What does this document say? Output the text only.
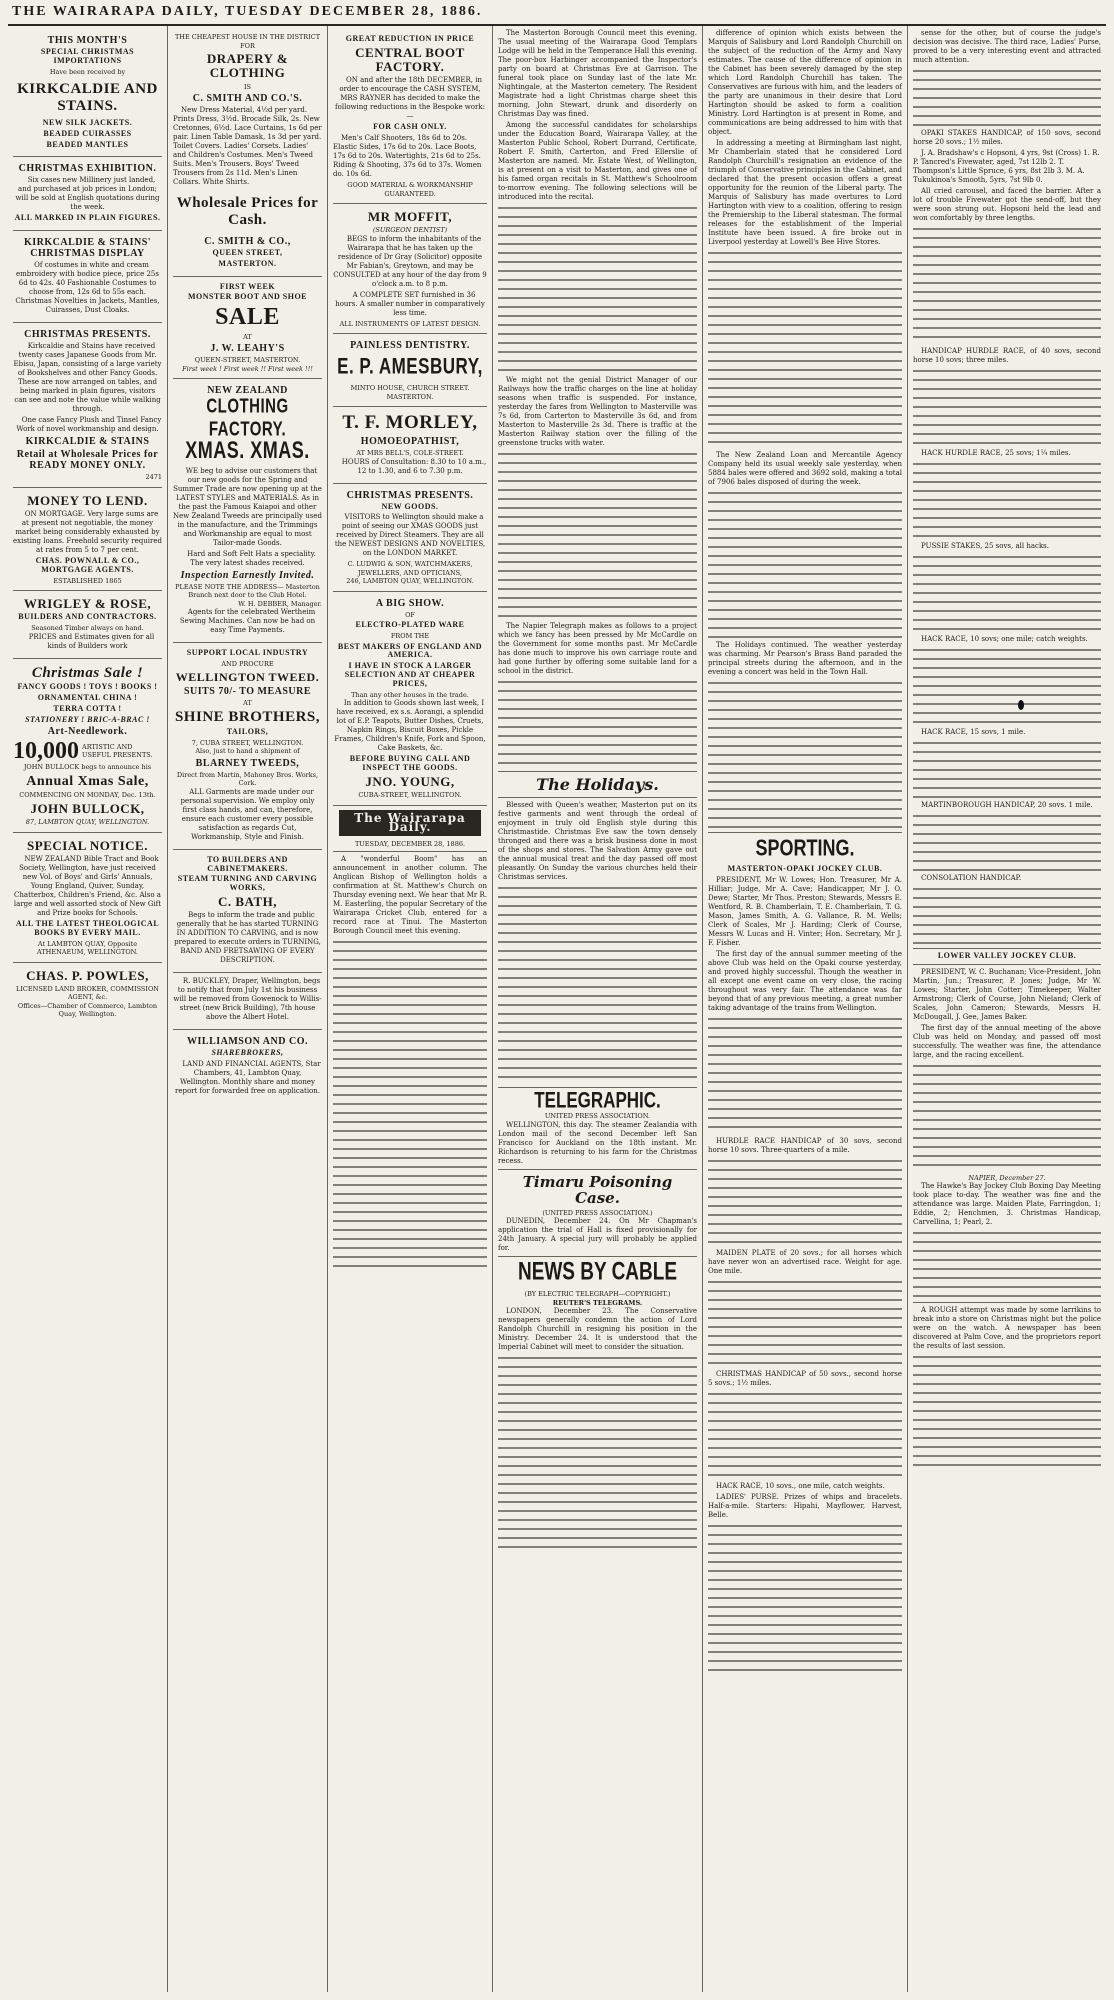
THE WAIRARAPA DAILY, TUESDAY DECEMBER 28, 1886.
THIS MONTH'S
SPECIAL CHRISTMAS IMPORTATIONS
Have been received by
KIRKCALDIE AND STAINS.
NEW SILK JACKETS.
BEADED CUIRASSES
BEADED MANTLES
CHRISTMAS EXHIBITION.

Six cases new Millinery just landed, and purchased at job prices in London; will be sold at English quotations during the week.

ALL MARKED IN PLAIN FIGURES.
KIRKCALDIE & STAINS' CHRISTMAS DISPLAY

Of costumes in white and cream embroidery with bodice piece, price 25s 6d to 42s. 40 Fashionable Costumes to choose from, 12s 6d to 55s each. Christmas Novelties in Jackets, Mantles, Cuirasses, Dust Cloaks.

CHRISTMAS PRESENTS.

Kirkcaldie and Stains have received twenty cases Japanese Goods from Mr. Ebisu, Japan, consisting of a large variety of Bookshelves and other Fancy Goods. These are now arranged on tables, and being marked in plain figures, visitors can see and note the value while walking through.

One case Fancy Plush and Tinsel Fancy Work of novel workmanship and design.

KIRKCALDIE & STAINS
Retail at Wholesale Prices for READY MONEY ONLY.
2471
MONEY TO LEND.

ON MORTGAGE. Very large sums are at present not negotiable, the money market being considerably exhausted by existing loans. Freehold security required at rates from 5 to 7 per cent.

CHAS. POWNALL & CO., MORTGAGE AGENTS.
ESTABLISHED 1865
WRIGLEY & ROSE,
BUILDERS AND CONTRACTORS.
Seasoned Timber always on hand.

PRICES and Estimates given for all kinds of Builders work

Christmas Sale !
FANCY GOODS ! TOYS ! BOOKS !
ORNAMENTAL CHINA !
TERRA COTTA !
STATIONERY ! BRIC-A-BRAC !
Art-Needlework.
10,000 ARTISTIC AND USEFUL PRESENTS.
JOHN BULLOCK begs to announce his
Annual Xmas Sale,
COMMENCING ON MONDAY, Dec. 13th.
JOHN BULLOCK,
87, LAMBTON QUAY, WELLINGTON.
SPECIAL NOTICE.

NEW ZEALAND Bible Tract and Book Society, Wellington, have just received new Vol. of Boys' and Girls' Annuals, Young England, Quiver, Sunday, Chatterbox, Children's Friend, &c. Also a large and well assorted stock of New Gift and Prize books for Schools.

ALL THE LATEST THEOLOGICAL BOOKS BY EVERY MAIL.
At LAMBTON QUAY, Opposite ATHENAEUM, WELLINGTON.
CHAS. P. POWLES,
LICENSED LAND BROKER, COMMISSION AGENT, &c.
Offices—Chamber of Commerce, Lambton Quay, Wellington.
THE CHEAPEST HOUSE IN THE DISTRICT FOR
DRAPERY & CLOTHING
IS
C. SMITH AND CO.'S.

New Dress Material, 4½d per yard. Prints Dress, 3½d. Brocade Silk, 2s. New Cretonnes, 6½d. Lace Curtains, 1s 6d per pair. Linen Table Damask, 1s 3d per yard. Toilet Covers. Ladies' Corsets. Ladies' and Children's Costumes. Men's Tweed Suits. Men's Trousers. Boys' Tweed Trousers from 2s 11d. Men's Linen Collars. White Shirts.

Wholesale Prices for Cash.
C. SMITH & CO.,
QUEEN STREET,
MASTERTON.
FIRST WEEK
MONSTER BOOT AND SHOE
SALE
AT
J. W. LEAHY'S
QUEEN-STREET, MASTERTON.
First week ! First week !! First week !!!
NEW ZEALAND
CLOTHING FACTORY.
XMAS. XMAS.

WE beg to advise our customers that our new goods for the Spring and Summer Trade are now opening up at the LATEST STYLES and MATERIALS. As in the past the Famous Kaiapoi and other New Zealand Tweeds are principally used in the manufacture, and the Trimmings and Workmanship are equal to most Tailor-made Goods.

Hard and Soft Felt Hats a speciality. The very latest shades received.

Inspection Earnestly Invited.
PLEASE NOTE THE ADDRESS— Masterton Branch next door to the Club Hotel.
W. H. DEBBER, Manager.

Agents for the celebrated Wertheim Sewing Machines. Can now be had on easy Time Payments.

SUPPORT LOCAL INDUSTRY
AND PROCURE
WELLINGTON TWEED.
SUITS 70/- TO MEASURE
AT
SHINE BROTHERS,
TAILORS,
7, CUBA STREET, WELLINGTON.
Also, just to hand a shipment of
BLARNEY TWEEDS,
Direct from Martin, Mahoney Bros. Works, Cork.

ALL Garments are made under our personal supervision. We employ only first class hands, and can, therefore, ensure each customer every possible satisfaction as regards Cut, Workmanship, Style and Finish.

TO BUILDERS AND CABINETMAKERS.
STEAM TURNING AND CARVING WORKS,
C. BATH,

Begs to inform the trade and public generally that he has started TURNING IN ADDITION TO CARVING, and is now prepared to execute orders in TURNING, BAND AND FRETSAWING OF EVERY DESCRIPTION.

R. BUCKLEY, Draper, Wellington, begs to notify that from July 1st his business will be removed from Gowenock to Willis-street (new Brick Building), 7th house above the Albert Hotel.

WILLIAMSON AND CO.
SHAREBROKERS,

LAND AND FINANCIAL AGENTS, Star Chambers, 41, Lambton Quay, Wellington. Monthly share and money report for forwarded free on application.

GREAT REDUCTION IN PRICE
CENTRAL BOOT FACTORY.

ON and after the 18th DECEMBER, in order to encourage the CASH SYSTEM, MRS RAYNER has decided to make the following reductions in the Bespoke work:—

FOR CASH ONLY.

Men's Calf Shooters, 18s 6d to 20s. Elastic Sides, 17s 6d to 20s. Lace Boots, 17s 6d to 20s. Watertights, 21s 6d to 25s. Riding & Shooting, 37s 6d to 37s. Women do. 10s 6d.

GOOD MATERIAL & WORKMANSHIP GUARANTEED.
MR MOFFIT,
(SURGEON DENTIST)

BEGS to inform the inhabitants of the Wairarapa that he has taken up the residence of Dr Gray (Solicitor) opposite Mr Fabian's, Greytown, and may be CONSULTED at any hour of the day from 9 o'clock a.m. to 8 p.m.

A COMPLETE SET furnished in 36 hours. A smaller number in comparatively less time.

ALL INSTRUMENTS OF LATEST DESIGN.
PAINLESS DENTISTRY.
E. P. AMESBURY,
MINTO HOUSE, CHURCH STREET. MASTERTON.
T. F. MORLEY,
HOMOEOPATHIST,
AT MRS BELL'S, COLE-STREET.

HOURS of Consultation: 8.30 to 10 a.m., 12 to 1.30, and 6 to 7.30 p.m.

CHRISTMAS PRESENTS.
NEW GOODS.

VISITORS to Wellington should make a point of seeing our XMAS GOODS just received by Direct Steamers. They are all the NEWEST DESIGNS AND NOVELTIES, on the LONDON MARKET.

C. LUDWIG & SON, WATCHMAKERS, JEWELLERS, AND OPTICIANS,
246, LAMBTON QUAY, WELLINGTON.
A BIG SHOW.
OF
ELECTRO-PLATED WARE
FROM THE
BEST MAKERS OF ENGLAND AND AMERICA.
I HAVE IN STOCK A LARGER SELECTION AND AT CHEAPER PRICES,
Than any other houses in the trade.

In addition to Goods shown last week, I have received, ex s.s. Aorangi, a splendid lot of E.P. Teapots, Butter Dishes, Cruets, Napkin Rings, Biscuit Boxes, Pickle Frames, Children's Knife, Fork and Spoon, Cake Baskets, &c.

BEFORE BUYING CALL AND INSPECT THE GOODS.
JNO. YOUNG,
CUBA-STREET, WELLINGTON.
The Wairarapa Daily.
TUESDAY, DECEMBER 28, 1886.

A "wonderful Boom" has an announcement in another column. The Anglican Bishop of Wellington holds a confirmation at St. Matthew's Church on Thursday evening next. We hear that Mr R. M. Easterling, the popular Secretary of the Wairarapa Cricket Club, entered for a record race at Tinui. The Masterton Borough Council meet this evening.

The Masterton Borough Council meet this evening. The usual meeting of the Wairarapa Good Templars Lodge will be held in the Temperance Hall this evening. The poor-box Harbinger accompanied the Inspector's party on board at Christmas Eve at Garrison. The funeral took place on Sunday last of the late Mr. Nightingale, at the Masterton cemetery. The Resident Magistrate had a light Christmas charge sheet this morning, John Stewart, drunk and disorderly on Christmas Day was fined.

Among the successful candidates for scholarships under the Education Board, Wairarapa Valley, at the Masterton Public School, Robert Durrand, Certificate, Robert F. Smith, Carterton, and Fred Ellerslie of Masterton are named. Mr. Estate West, of Wellington, is at present on a visit to Masterton, and gives one of his famed organ recitals in St. Matthew's Schoolroom to-morrow evening. The following selections will be introduced into the recital.

We might not the genial District Manager of our Railways how the traffic charges on the line at holiday seasons when traffic is suspended. For instance, yesterday the fares from Wellington to Masterville was 7s 6d, from Carterton to Masterville 3s 6d, and from Masterton to Masterville 2s 3d. There is traffic at the Masterton Railway station over the filling of the greenstone trucks with water.

The Napier Telegraph makes as follows to a project which we fancy has been pressed by Mr McCardle on the Government for some months past. Mr McCardle has done much to improve his own carriage route and had gone further by offering some suitable land for a school in the district.

The Holidays.

Blessed with Queen's weather, Masterton put on its festive garments and went through the ordeal of enjoyment in truly old English style during this Christmastide. Christmas Eve saw the town densely thronged and there was a brisk business done in most of the shops and stores. The Salvation Army gave out the annual musical treat and the day passed off most pleasantly. On Sunday the various churches held their Christmas services.

TELEGRAPHIC.
UNITED PRESS ASSOCIATION.

WELLINGTON, this day. The steamer Zealandia with London mail of the second December left San Francisco for Auckland on the 18th instant. Mr. Richardson is returning to his farm for the Christmas recess.

Timaru Poisoning Case.
(UNITED PRESS ASSOCIATION.)

DUNEDIN, December 24. On Mr Chapman's application the trial of Hall is fixed provisionally for 24th January. A special jury will probably be applied for.

NEWS BY CABLE
(BY ELECTRIC TELEGRAPH—COPYRIGHT.)
REUTER'S TELEGRAMS.

LONDON, December 23. The Conservative newspapers generally condemn the action of Lord Randolph Churchill in resigning his position in the Ministry. December 24. It is understood that the Imperial Cabinet will meet to consider the situation.

difference of opinion which exists between the Marquis of Salisbury and Lord Randolph Churchill on the subject of the reduction of the Army and Navy estimates. The cause of the difference of opinion in the Cabinet has been severely damaged by the step which Lord Randolph Churchill has taken. The Conservatives are furious with him, and the leaders of the party are unanimous in their desire that Lord Hartington should be asked to form a coalition Ministry. Lord Hartington is at present in Rome, and communications are being addressed to him with that object.

In addressing a meeting at Birmingham last night, Mr Chamberlain stated that he considered Lord Randolph Churchill's resignation an evidence of the triumph of Conservative principles in the Cabinet, and declared that the present occasion offers a great opportunity for the reunion of the Liberal party. The Marquis of Salisbury has made overtures to Lord Hartington with view to a coalition, offering to resign the Premiership to the Liberal statesman. The formal releases for the establishment of the Imperial Institute have been issued. A fire broke out in Liverpool yesterday at Lowell's Bee Hive Stores.

The New Zealand Loan and Mercantile Agency Company held its usual weekly sale yesterday, when 5884 bales were offered and 3692 sold, making a total of 7906 bales disposed of during the week.

The Holidays continued. The weather yesterday was charming. Mr Pearson's Brass Band paraded the principal streets during the afternoon, and in the evening a concert was held in the Town Hall.

SPORTING.
MASTERTON-OPAKI JOCKEY CLUB.

PRESIDENT, Mr W. Lowes; Hon. Treasurer, Mr A. Hilliar; Judge, Mr A. Cave; Handicapper, Mr J. O. Dewe; Starter, Mr Thos. Preston; Stewards, Messrs E. Wentford, R. B. Chamberlain, T. E. Chamberlain, T. G. Mason, James Smith, A. G. Vallance, R. M. Wells; Clerk of Scales, Mr J. Harding; Clerk of Course, Messrs W. Lucas and H. Vinter; Hon. Secretary, Mr J. F. Fisher.

The first day of the annual summer meeting of the above Club was held on the Opaki course yesterday, and proved highly successful. Though the weather in all except one event came on very close, the racing throughout was very fair. The attendance was far beyond that of any previous meeting, a great number taking advantage of the trains from Wellington.

HURDLE RACE HANDICAP of 30 sovs, second horse 10 sovs. Three-quarters of a mile.

MAIDEN PLATE of 20 sovs.; for all horses which have never won an advertised race. Weight for age. One mile.

CHRISTMAS HANDICAP of 50 sovs., second horse 5 sovs.; 1½ miles.

HACK RACE, 10 sovs., one mile, catch weights.

LADIES' PURSE. Prizes of whips and bracelets. Half-a-mile. Starters: Hipahi, Mayflower, Harvest, Belle.

sense for the other, but of course the judge's decision was decisive. The third race, Ladies' Purse, proved to be a very interesting event and attracted much attention.

OPAKI STAKES HANDICAP, of 150 sovs, second horse 20 sovs.; 1½ miles.

J. A. Bradshaw's c Hopsoni, 4 yrs, 9st (Cross) 1. R. P. Tancred's Fivewater, aged, 7st 12lb 2. T. Thompson's Little Spruce, 6 yrs, 8st 2lb 3. M. A. Tukukinoa's Smooth, 5yrs, 7st 9lb 0.

All cried carousel, and faced the barrier. After a lot of trouble Fivewater got the send-off, but they were soon strung out. Hopsoni held the lead and won comfortably by three lengths.

HANDICAP HURDLE RACE, of 40 sovs, second horse 10 sovs; three miles.

HACK HURDLE RACE, 25 sovs; 1¼ miles.

PUSSIE STAKES, 25 sovs, all hacks.

HACK RACE, 10 sovs; one mile; catch weights.

HACK RACE, 15 sovs, 1 mile.

MARTINBOROUGH HANDICAP, 20 sovs. 1 mile.

CONSOLATION HANDICAP.

LOWER VALLEY JOCKEY CLUB.

PRESIDENT, W. C. Buchanan; Vice-President, John Martin, Jun.; Treasurer, P. Jones; Judge, Mr W. Lowes; Starter, John Cotter; Timekeeper, Walter Armstrong; Clerk of Course, John Nieland; Clerk of Scales, John Cameron; Stewards, Messrs H. McDougall, J. Gee, James Baker.

The first day of the annual meeting of the above Club was held on Monday, and passed off most successfully. The weather was fine, the attendance large, and the racing excellent.

NAPIER, December 27.

The Hawke's Bay Jockey Club Boxing Day Meeting took place to-day. The weather was fine and the attendance was large. Maiden Plate, Farringdon, 1; Eddie, 2; Henchmen, 3. Christmas Handicap, Carvellina, 1; Pearl, 2.

A ROUGH attempt was made by some larrikins to break into a store on Christmas night but the police were on the watch. A newspaper has been discovered at Palm Cove, and the proprietors report the results of last session.
